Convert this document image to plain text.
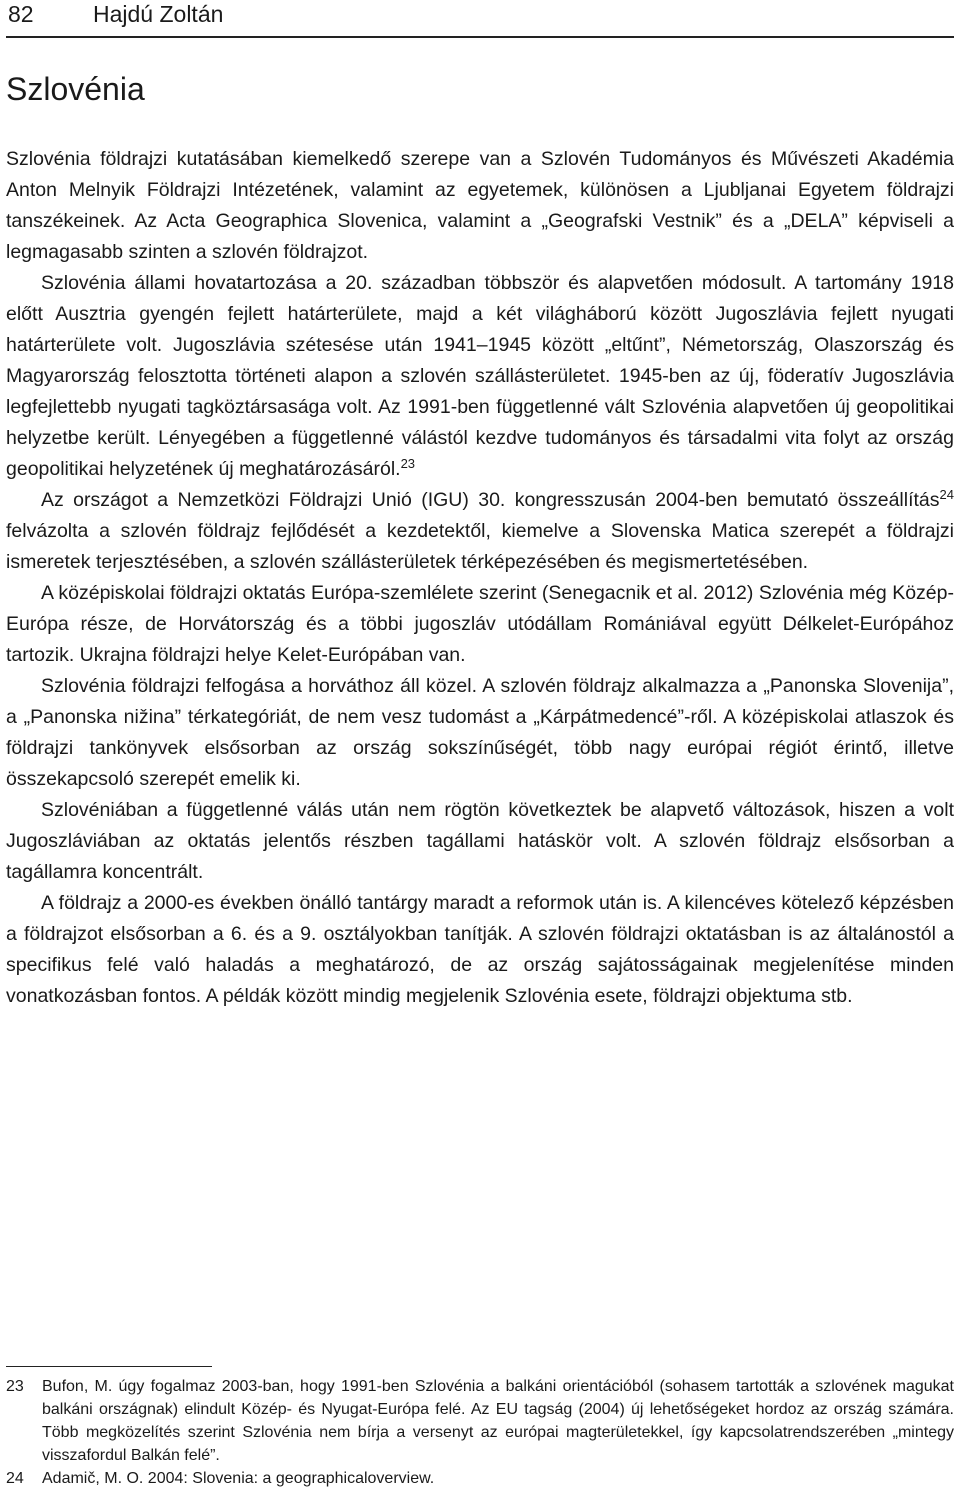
82	Hajdú Zoltán
Szlovénia

Szlovénia földrajzi kutatásában kiemelkedő szerepe van a Szlovén Tudományos és Művészeti Akadémia Anton Melnyik Földrajzi Intézetének, valamint az egyetemek, különösen a Ljubljanai Egyetem földrajzi tanszékeinek. Az Acta Geographica Slovenica, valamint a „Geografski Vestnik” és a „DELA” képviseli a legmagasabb szinten a szlovén földrajzot.

Szlovénia állami hovatartozása a 20. században többször és alapvetően módosult. A tartomány 1918 előtt Ausztria gyengén fejlett határterülete, majd a két világháború között Jugoszlávia fejlett nyugati határterülete volt. Jugoszlávia szétesése után 1941–1945 között „eltűnt”, Németország, Olaszország és Magyarország felosztotta történeti alapon a szlovén szállásterületet. 1945-ben az új, föderatív Jugoszlávia legfejlettebb nyugati tagköztársasága volt. Az 1991-ben függetlenné vált Szlovénia alapvetően új geopolitikai helyzetbe került. Lényegében a függetlenné válástól kezdve tudományos és társadalmi vita folyt az ország geopolitikai helyzetének új meghatározásáról.$^{23}$

Az országot a Nemzetközi Földrajzi Unió (IGU) 30. kongresszusán 2004-ben bemutató összeállítás$^{24}$ felvázolta a szlovén földrajz fejlődését a kezdetektől, kiemelve a Slovenska Matica szerepét a földrajzi ismeretek terjesztésében, a szlovén szállásterületek térképezésében és megismertetésében.

A középiskolai földrajzi oktatás Európa-szemlélete szerint (Senegacnik et al. 2012) Szlovénia még Közép-Európa része, de Horvátország és a többi jugoszláv utódállam Romániával együtt Délkelet-Európához tartozik. Ukrajna földrajzi helye Kelet-Európában van.

Szlovénia földrajzi felfogása a horváthoz áll közel. A szlovén földrajz alkalmazza a „Panonska Slovenija”, a „Panonska nižina” térkategóriát, de nem vesz tudomást a „Kárpátmedencé”-ről. A középiskolai atlaszok és földrajzi tankönyvek elsősorban az ország sokszínűségét, több nagy európai régiót érintő, illetve összekapcsoló szerepét emelik ki.

Szlovéniában a függetlenné válás után nem rögtön következtek be alapvető változások, hiszen a volt Jugoszláviában az oktatás jelentős részben tagállami hatáskör volt. A szlovén földrajz elsősorban a tagállamra koncentrált.

A földrajz a 2000-es években önálló tantárgy maradt a reformok után is. A kilencéves kötelező képzésben a földrajzot elsősorban a 6. és a 9. osztályokban tanítják. A szlovén földrajzi oktatásban is az általánostól a specifikus felé való haladás a meghatározó, de az ország sajátosságainak megjelenítése minden vonatkozásban fontos. A példák között mindig megjelenik Szlovénia esete, földrajzi objektuma stb.

23	Bufon, M. úgy fogalmaz 2003-ban, hogy 1991-ben Szlovénia a balkáni orientációból (sohasem tartották a szlovének magukat balkáni országnak) elindult Közép- és Nyugat-Európa felé. Az EU tagság (2004) új lehetőségeket hordoz az ország számára. Több megközelítés szerint Szlovénia nem bírja a versenyt az európai magterületekkel, így kapcsolatrendszerében „mintegy visszafordul Balkán felé”.
24	Adamič, M. O. 2004: Slovenia: a geographicaloverview.
